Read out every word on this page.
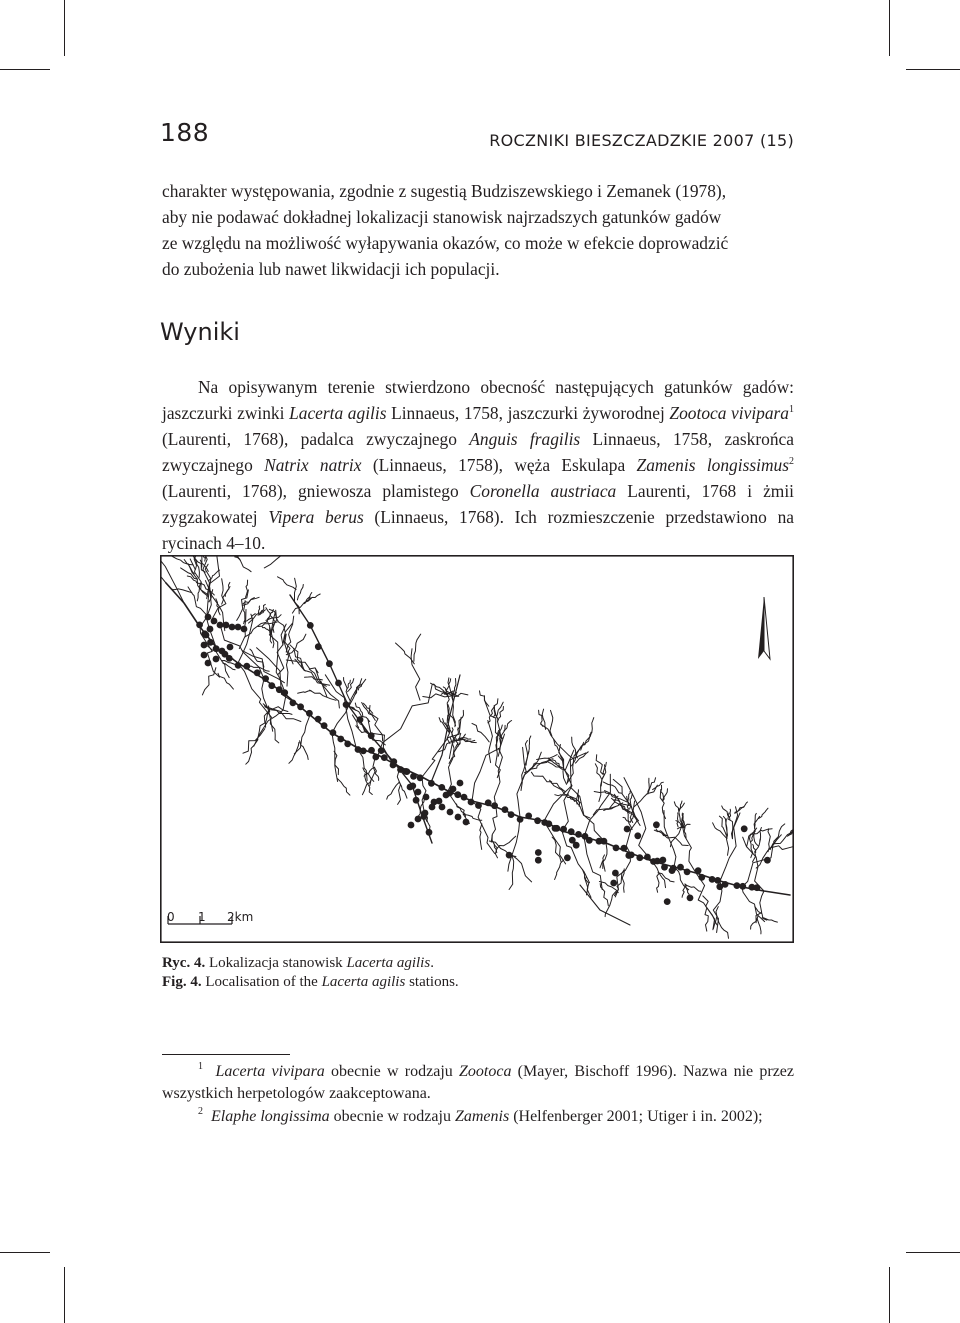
188	ROCZNIKI BIESZCZADZKIE 2007 (15)
charakter występowania, zgodnie z sugestią Budziszewskiego i Zemanek (1978),
aby nie podawać dokładnej lokalizacji stanowisk najrzadszych gatunków gadów
ze względu na możliwość wyłapywania okazów, co może w efekcie doprowadzić
do zubożenia lub nawet likwidacji ich populacji.
Wyniki

Na opisywanym terenie stwierdzono obecność następujących gatunków gadów: jaszczurki zwinki Lacerta agilis Linnaeus, 1758, jaszczurki żyworodnej Zootoca vivipara$^1$ (Laurenti, 1768), padalca zwyczajnego Anguis fragilis Linnaeus, 1758, zaskrońca zwyczajnego Natrix natrix (Linnaeus, 1758), węża Eskulapa Zamenis longissimus$^2$ (Laurenti, 1768), gniewosza plamistego Coronella austriaca Laurenti, 1768 i żmii zygzakowatej Vipera berus (Linnaeus, 1768). Ich rozmieszczenie przedstawiono na rycinach 4–10.

0 1 2km
Ryc. 4. Lokalizacja stanowisk Lacerta agilis.
Fig. 4. Localisation of the Lacerta agilis stations.

$^1$ Lacerta vivipara obecnie w rodzaju Zootoca (Mayer, Bischoff 1996). Nazwa nie przez wszystkich herpetologów zaakceptowana.

$^2$ Elaphe longissima obecnie w rodzaju Zamenis (Helfenberger 2001; Utiger i in. 2002);
